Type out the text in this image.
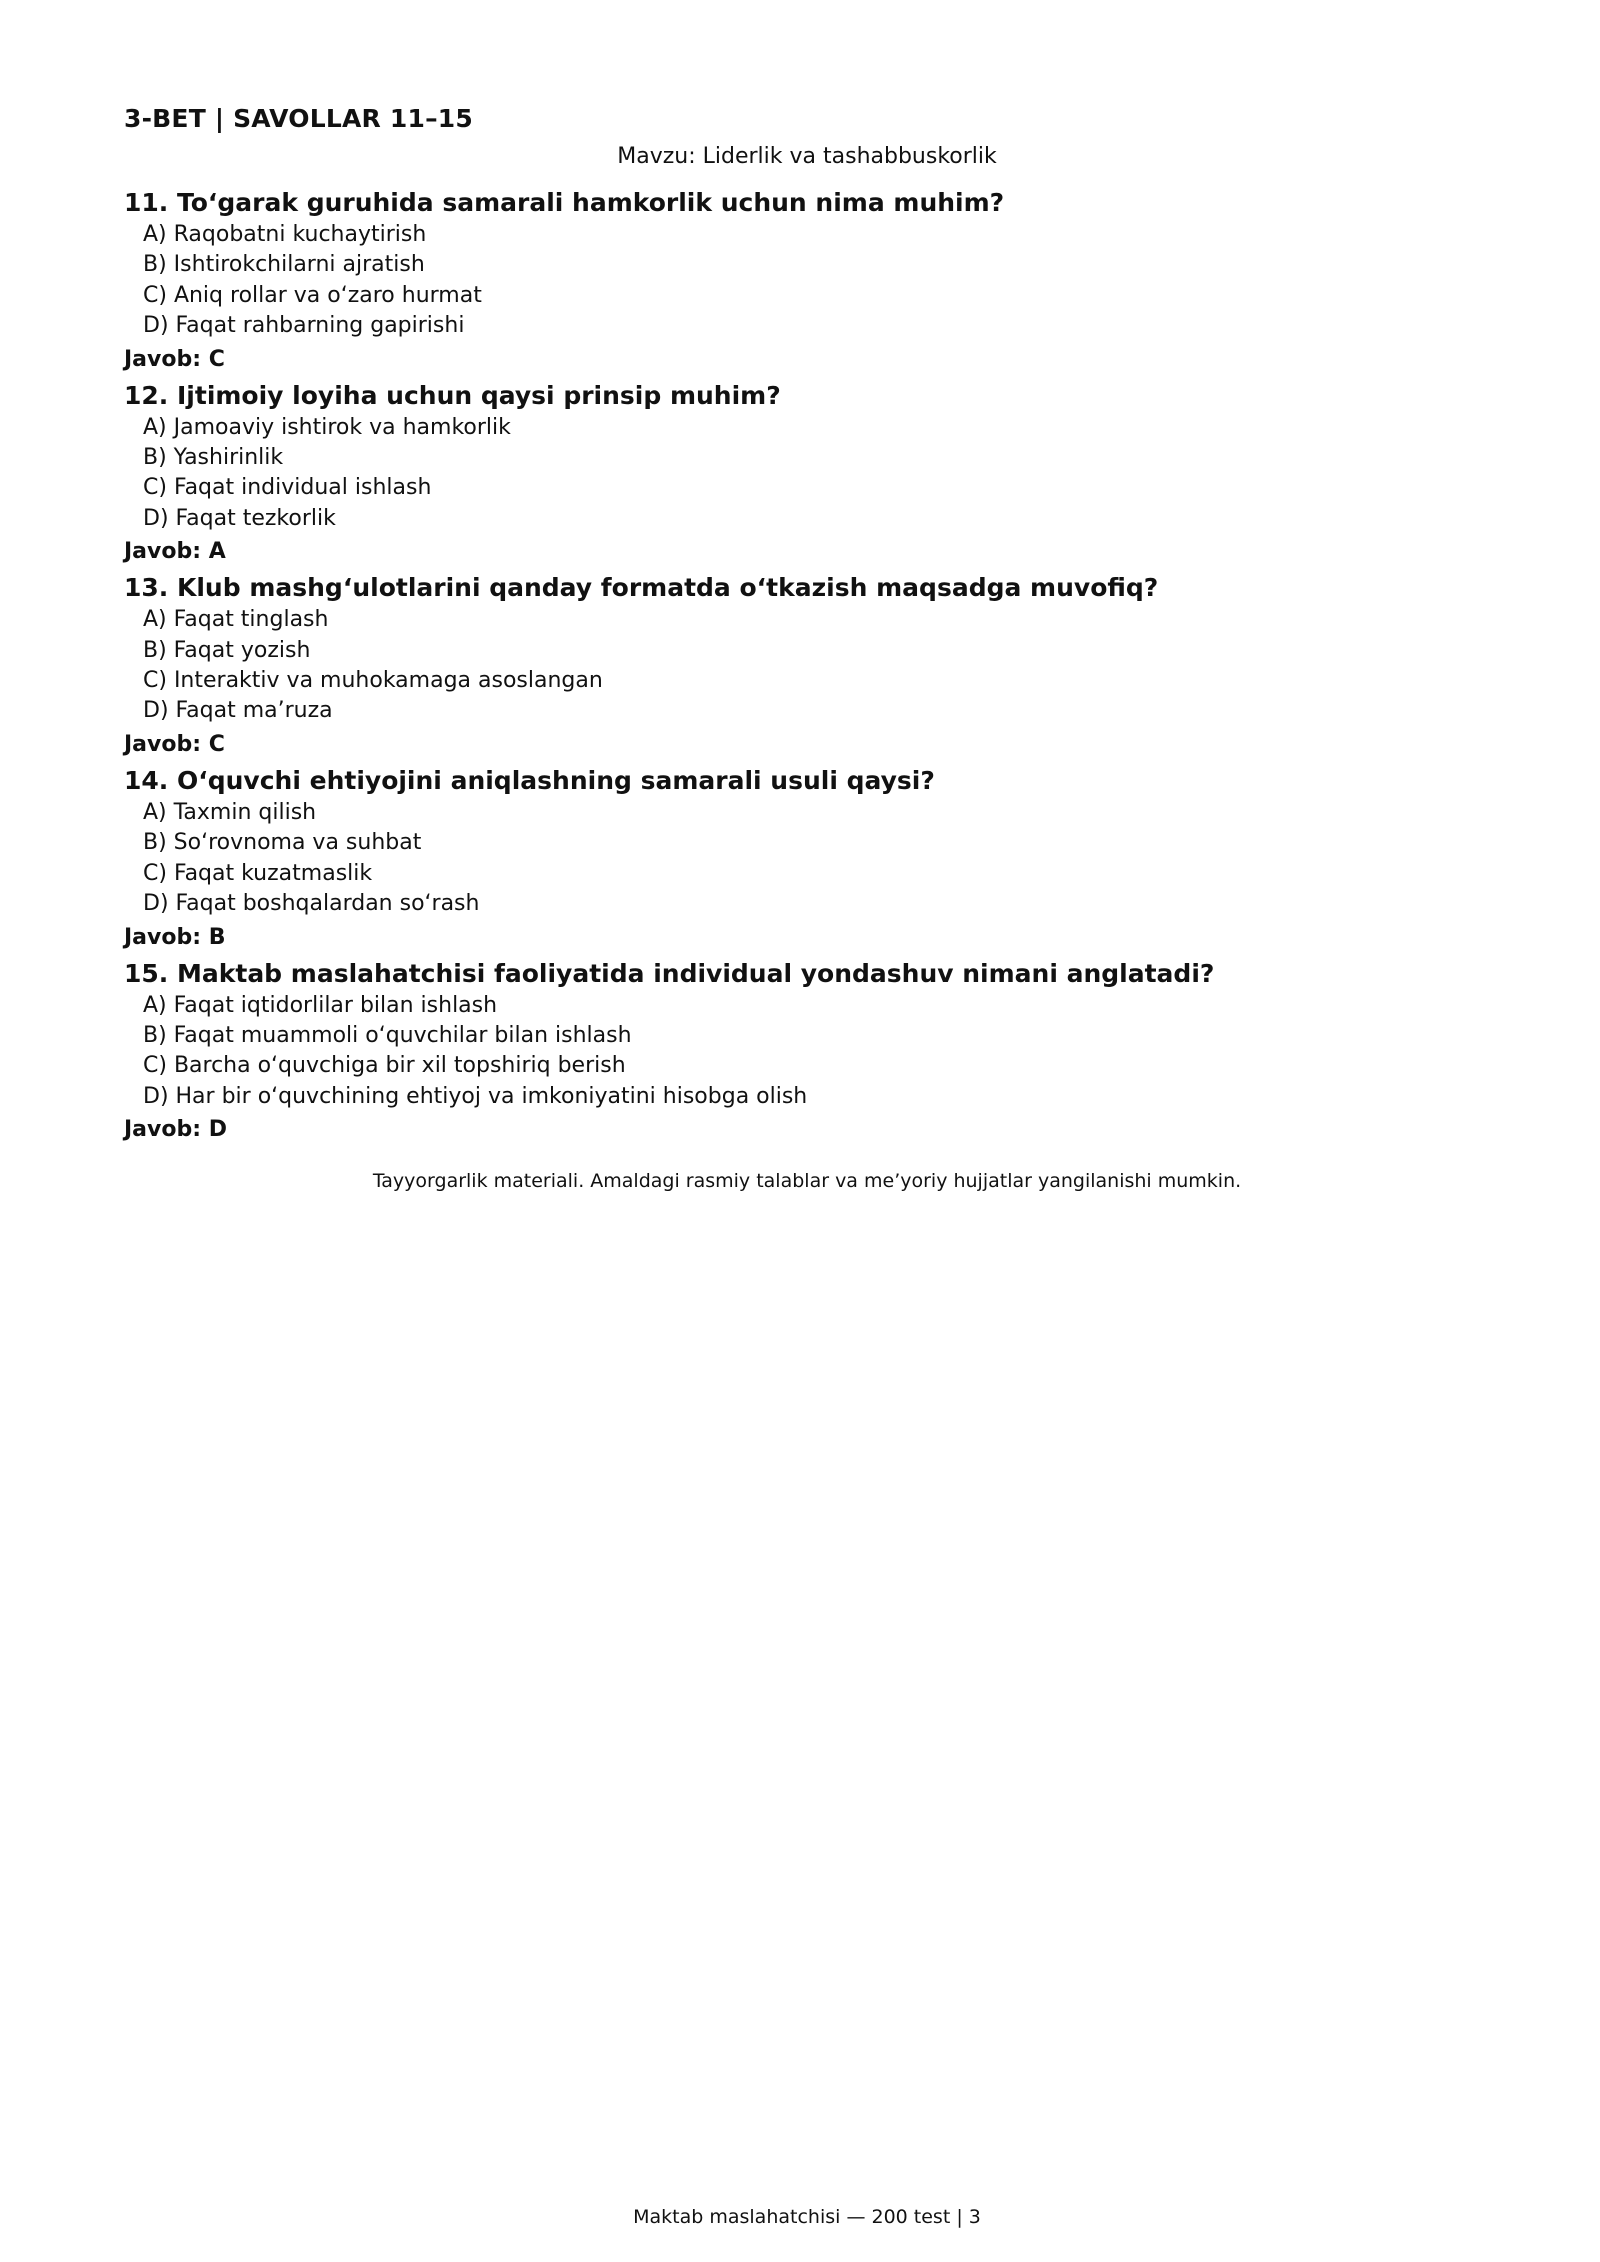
3-BET | SAVOLLAR 11–15
Mavzu: Liderlik va tashabbuskorlik

11. To‘garak guruhida samarali hamkorlik uchun nima muhim?

A) Raqobatni kuchaytirish
B) Ishtirokchilarni ajratish
C) Aniq rollar va o‘zaro hurmat
D) Faqat rahbarning gapirishi

Javob: C

12. Ijtimoiy loyiha uchun qaysi prinsip muhim?

A) Jamoaviy ishtirok va hamkorlik
B) Yashirinlik
C) Faqat individual ishlash
D) Faqat tezkorlik

Javob: A

13. Klub mashg‘ulotlarini qanday formatda o‘tkazish maqsadga muvofiq?

A) Faqat tinglash
B) Faqat yozish
C) Interaktiv va muhokamaga asoslangan
D) Faqat ma’ruza

Javob: C

14. O‘quvchi ehtiyojini aniqlashning samarali usuli qaysi?

A) Taxmin qilish
B) So‘rovnoma va suhbat
C) Faqat kuzatmaslik
D) Faqat boshqalardan so‘rash

Javob: B

15. Maktab maslahatchisi faoliyatida individual yondashuv nimani anglatadi?

A) Faqat iqtidorlilar bilan ishlash
B) Faqat muammoli o‘quvchilar bilan ishlash
C) Barcha o‘quvchiga bir xil topshiriq berish
D) Har bir o‘quvchining ehtiyoj va imkoniyatini hisobga olish

Javob: D

Tayyorgarlik materiali. Amaldagi rasmiy talablar va me’yoriy hujjatlar yangilanishi mumkin.
Maktab maslahatchisi — 200 test | 3
